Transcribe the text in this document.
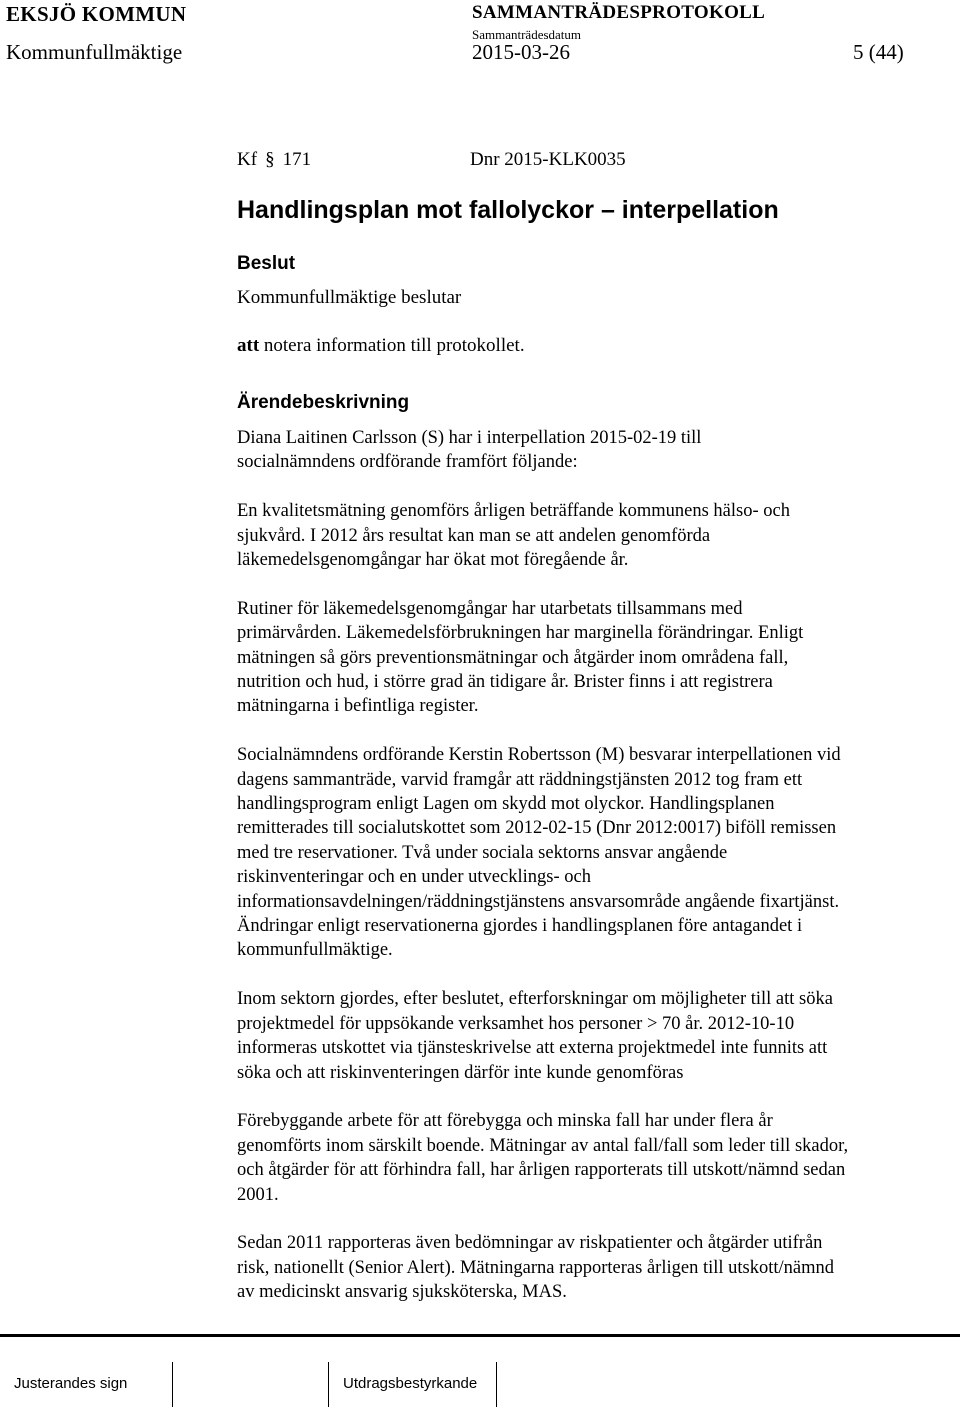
EKSJÖ KOMMUN	SAMMANTRÄDESPROTOKOLL
Sammanträdesdatum
Kommunfullmäktige	2015-03-26	5 (44)
Kf § 171	Dnr 2015-KLK0035
Handlingsplan mot fallolyckor – interpellation
Beslut
Kommunfullmäktige beslutar
att notera information till protokollet.
Ärendebeskrivning

Diana Laitinen Carlsson (S) har i interpellation 2015-02-19 till
socialnämndens ordförande framfört följande:

En kvalitetsmätning genomförs årligen beträffande kommunens hälso- och
sjukvård. I 2012 års resultat kan man se att andelen genomförda
läkemedelsgenomgångar har ökat mot föregående år.

Rutiner för läkemedelsgenomgångar har utarbetats tillsammans med
primärvården. Läkemedelsförbrukningen har marginella förändringar. Enligt
mätningen så görs preventionsmätningar och åtgärder inom områdena fall,
nutrition och hud, i större grad än tidigare år. Brister finns i att registrera
mätningarna i befintliga register.

Socialnämndens ordförande Kerstin Robertsson (M) besvarar interpellationen vid
dagens sammanträde, varvid framgår att räddningstjänsten 2012 tog fram ett
handlingsprogram enligt Lagen om skydd mot olyckor. Handlingsplanen
remitterades till socialutskottet som 2012-02-15 (Dnr 2012:0017) biföll remissen
med tre reservationer. Två under sociala sektorns ansvar angående
riskinventeringar och en under utvecklings- och
informationsavdelningen/räddningstjänstens ansvarsområde angående fixartjänst.
Ändringar enligt reservationerna gjordes i handlingsplanen före antagandet i
kommunfullmäktige.

Inom sektorn gjordes, efter beslutet, efterforskningar om möjligheter till att söka
projektmedel för uppsökande verksamhet hos personer > 70 år. 2012-10-10
informeras utskottet via tjänsteskrivelse att externa projektmedel inte funnits att
söka och att riskinventeringen därför inte kunde genomföras

Förebyggande arbete för att förebygga och minska fall har under flera år
genomförts inom särskilt boende. Mätningar av antal fall/fall som leder till skador,
och åtgärder för att förhindra fall, har årligen rapporterats till utskott/nämnd sedan
2001.

Sedan 2011 rapporteras även bedömningar av riskpatienter och åtgärder utifrån
risk, nationellt (Senior Alert). Mätningarna rapporteras årligen till utskott/nämnd
av medicinskt ansvarig sjuksköterska, MAS.

Justerandes sign	Utdragsbestyrkande
